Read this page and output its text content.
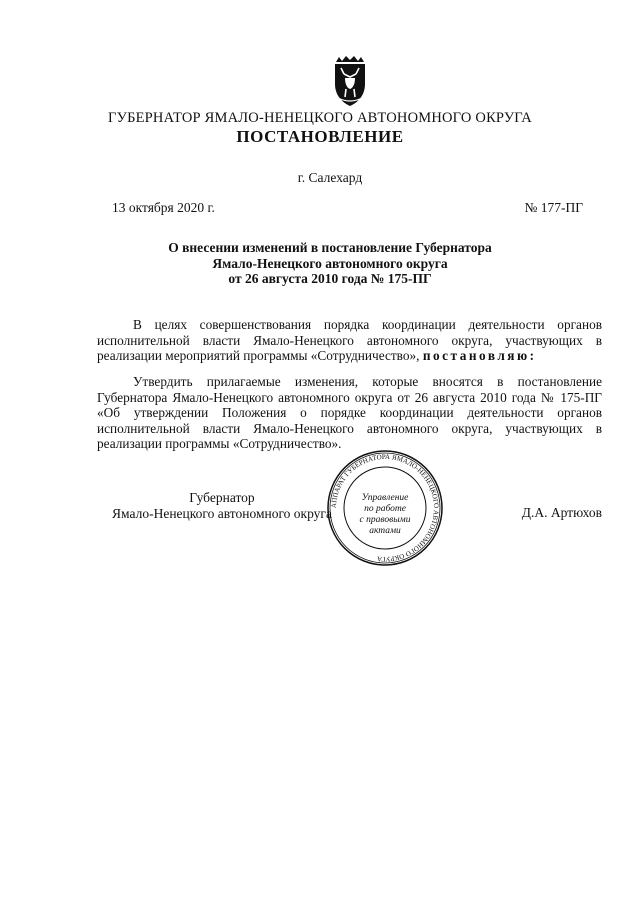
ГУБЕРНАТОР ЯМАЛО-НЕНЕЦКОГО АВТОНОМНОГО ОКРУГА
ПОСТАНОВЛЕНИЕ
г. Салехард
13 октября 2020 г.	№ 177-ПГ
О внесении изменений в постановление Губернатора
Ямало-Ненецкого автономного округа
от 26 августа 2010 года № 175-ПГ
В целях совершенствования порядка координации деятельности органов исполнительной власти Ямало-Ненецкого автономного округа, участвующих в реализации мероприятий программы «Сотрудничество», постановляю:
Утвердить прилагаемые изменения, которые вносятся в постановление Губернатора Ямало-Ненецкого автономного округа от 26 августа 2010 года № 175-ПГ «Об утверждении Положения о порядке координации деятельности органов исполнительной власти Ямало-Ненецкого автономного округа, участвующих в реализации программы «Сотрудничество».
Губернатор
Ямало-Ненецкого автономного округа
АППАРАТ ГУБЕРНАТОРА ЯМАЛО-НЕНЕЦКОГО АВТОНОМНОГО ОКРУГА
Управление
по работе
с правовыми
актами
Д.А. Артюхов
